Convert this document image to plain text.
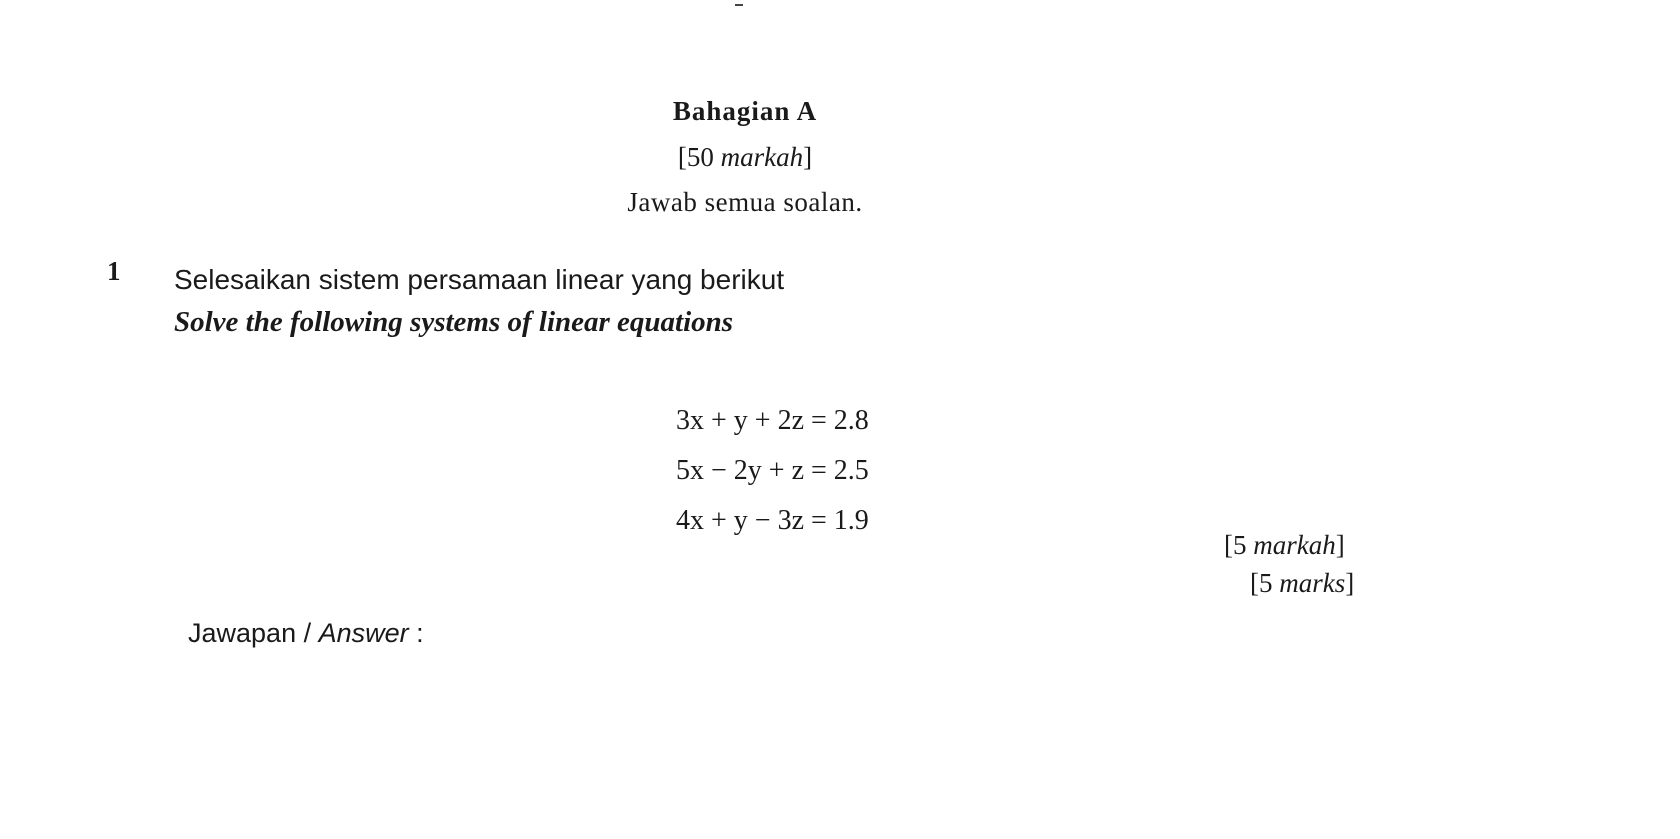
Bahagian A
[50 markah]
Jawab semua soalan.
1 Selesaikan sistem persamaan linear yang berikut
Solve the following systems of linear equations
3x + y + 2z = 2.8
5x − 2y + z = 2.5
4x + y − 3z = 1.9
[5 markah]
[5 marks]
Jawapan / Answer :
